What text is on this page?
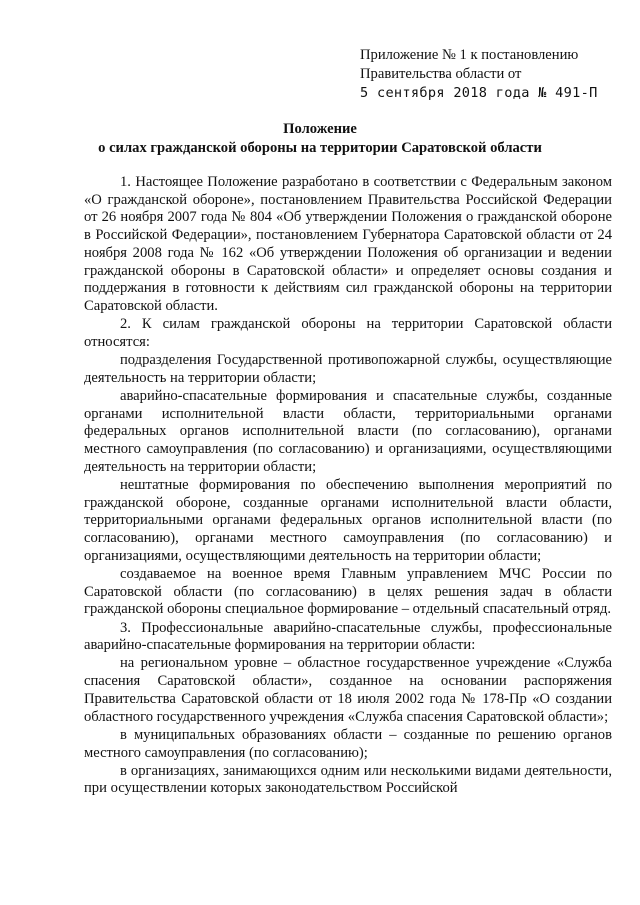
Приложение № 1 к постановлению
Правительства области от
5 сентября 2018 года № 491-П
Положение
о силах гражданской обороны на территории Саратовской области

1. Настоящее Положение разработано в соответствии с Федеральным законом «О гражданской обороне», постановлением Правительства Российской Федерации от 26 ноября 2007 года № 804 «Об утверждении Положения о гражданской обороне в Российской Федерации», постановлением Губернатора Саратовской области от 24 ноября 2008 года № 162 «Об утверждении Положения об организации и ведении гражданской обороны в Саратовской области» и определяет основы создания и поддержания в готовности к действиям сил гражданской обороны на территории Саратовской области.

2. К силам гражданской обороны на территории Саратовской области относятся:

подразделения Государственной противопожарной службы, осуществляющие деятельность на территории области;

аварийно-спасательные формирования и спасательные службы, созданные органами исполнительной власти области, территориальными органами федеральных органов исполнительной власти (по согласованию), органами местного самоуправления (по согласованию) и организациями, осуществляющими деятельность на территории области;

нештатные формирования по обеспечению выполнения мероприятий по гражданской обороне, созданные органами исполнительной власти области, территориальными органами федеральных органов исполнительной власти (по согласованию), органами местного самоуправления (по согласованию) и организациями, осуществляющими деятельность на территории области;

создаваемое на военное время Главным управлением МЧС России по Саратовской области (по согласованию) в целях решения задач в области гражданской обороны специальное формирование – отдельный спасательный отряд.

3. Профессиональные аварийно-спасательные службы, профессиональные аварийно-спасательные формирования на территории области:

на региональном уровне – областное государственное учреждение «Служба спасения Саратовской области», созданное на основании распоряжения Правительства Саратовской области от 18 июля 2002 года № 178-Пр «О создании областного государственного учреждения «Служба спасения Саратовской области»;

в муниципальных образованиях области – созданные по решению органов местного самоуправления (по согласованию);

в организациях, занимающихся одним или несколькими видами деятельности, при осуществлении которых законодательством Российской
